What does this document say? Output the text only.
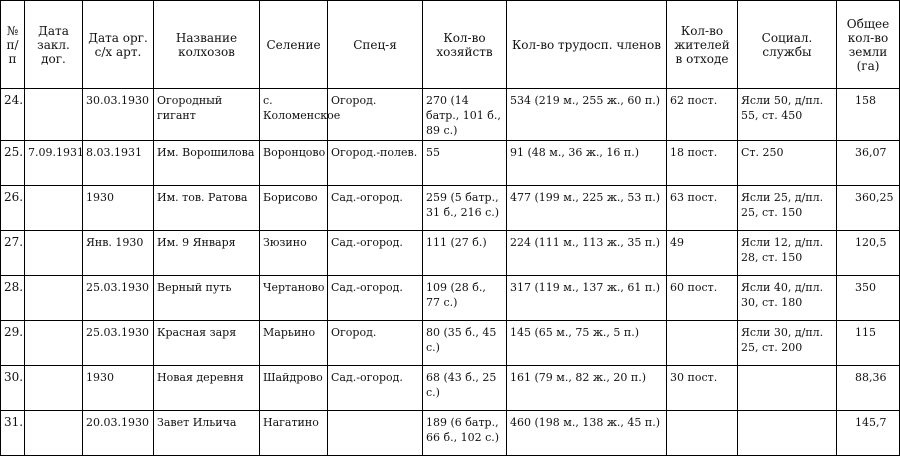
№ п/п	Дата закл. дог.	Дата орг. с/х арт.	Название колхозов	Селение	Спец-я	Кол-во хозяйств	Кол-во трудосп. членов	Кол-во жителей в отходе	Социал. службы	Общее кол-во земли (га)
24.		30.03.1930	Огородный гигант	с. Коломенское	Огород.	270 (14 батр., 101 б., 89 с.)	534 (219 м., 255 ж., 60 п.)	62 пост.	Ясли 50, д/пл. 55, ст. 450	158
25.	7.09.1931	8.03.1931	Им. Ворошилова	Воронцово	Огород.-полев.	55	91 (48 м., 36 ж., 16 п.)	18 пост.	Ст. 250	36,07
26.		1930	Им. тов. Ратова	Борисово	Сад.-огород.	259 (5 батр., 31 б., 216 с.)	477 (199 м., 225 ж., 53 п.)	63 пост.	Ясли 25, д/пл. 25, ст. 150	360,25
27.		Янв. 1930	Им. 9 Января	Зюзино	Сад.-огород.	111 (27 б.)	224 (111 м., 113 ж., 35 п.)	49	Ясли 12, д/пл. 28, ст. 150	120,5
28.		25.03.1930	Верный путь	Чертаново	Сад.-огород.	109 (28 б., 77 с.)	317 (119 м., 137 ж., 61 п.)	60 пост.	Ясли 40, д/пл. 30, ст. 180	350
29.		25.03.1930	Красная заря	Марьино	Огород.	80 (35 б., 45 с.)	145 (65 м., 75 ж., 5 п.)		Ясли 30, д/пл. 25, ст. 200	115
30.		1930	Новая деревня	Шайдрово	Сад.-огород.	68 (43 б., 25 с.)	161 (79 м., 82 ж., 20 п.)	30 пост.		88,36
31.		20.03.1930	Завет Ильича	Нагатино		189 (6 батр., 66 б., 102 с.)	460 (198 м., 138 ж., 45 п.)			145,7
